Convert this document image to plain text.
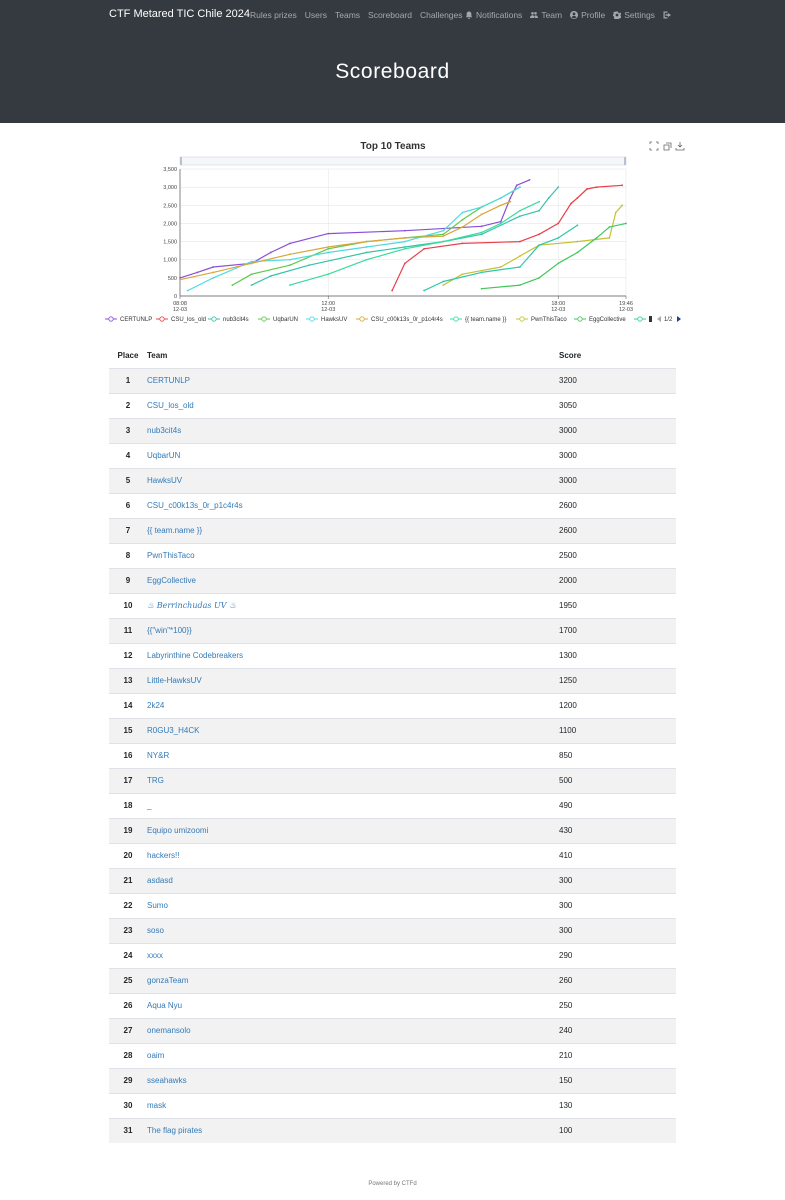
CTF Metared TIC Chile 2024 Rules prizes Users Teams Scoreboard Challenges Notifications Team Profile Settings
Scoreboard
Top 10 Teams
0
500
1,000
1,500
2,000
2,500
3,000
3,500
08:08
12-03
12:00
12-03
18:00
12-03
19:46
12-03
CERTUNLP	CSU_los_old	nub3cit4s	UqbarUN	HawksUV	CSU_c00k13s_0r_p1c4r4s	{{ team.name }}	PwnThisTaco	EggCollective	1/2
Place	Team	Score
1	CERTUNLP	3200
2	CSU_los_old	3050
3	nub3cit4s	3000
4	UqbarUN	3000
5	HawksUV	3000
6	CSU_c00k13s_0r_p1c4r4s	2600
7	{{ team.name }}	2600
8	PwnThisTaco	2500
9	EggCollective	2000
10	♨ Berrinchudas UV ♨	1950
11	{{"win"*100}}	1700
12	Labyrinthine Codebreakers	1300
13	Little-HawksUV	1250
14	2k24	1200
15	R0GU3_H4CK	1100
16	NY&R	850
17	TRG	500
18	_	490
19	Equipo umizoomi	430
20	hackers!!	410
21	asdasd	300
22	Sumo	300
23	soso	300
24	xxxx	290
25	gonzaTeam	260
26	Aqua Nyu	250
27	onemansolo	240
28	oaim	210
29	sseahawks	150
30	mask	130
31	The flag pirates	100
Powered by CTFd
